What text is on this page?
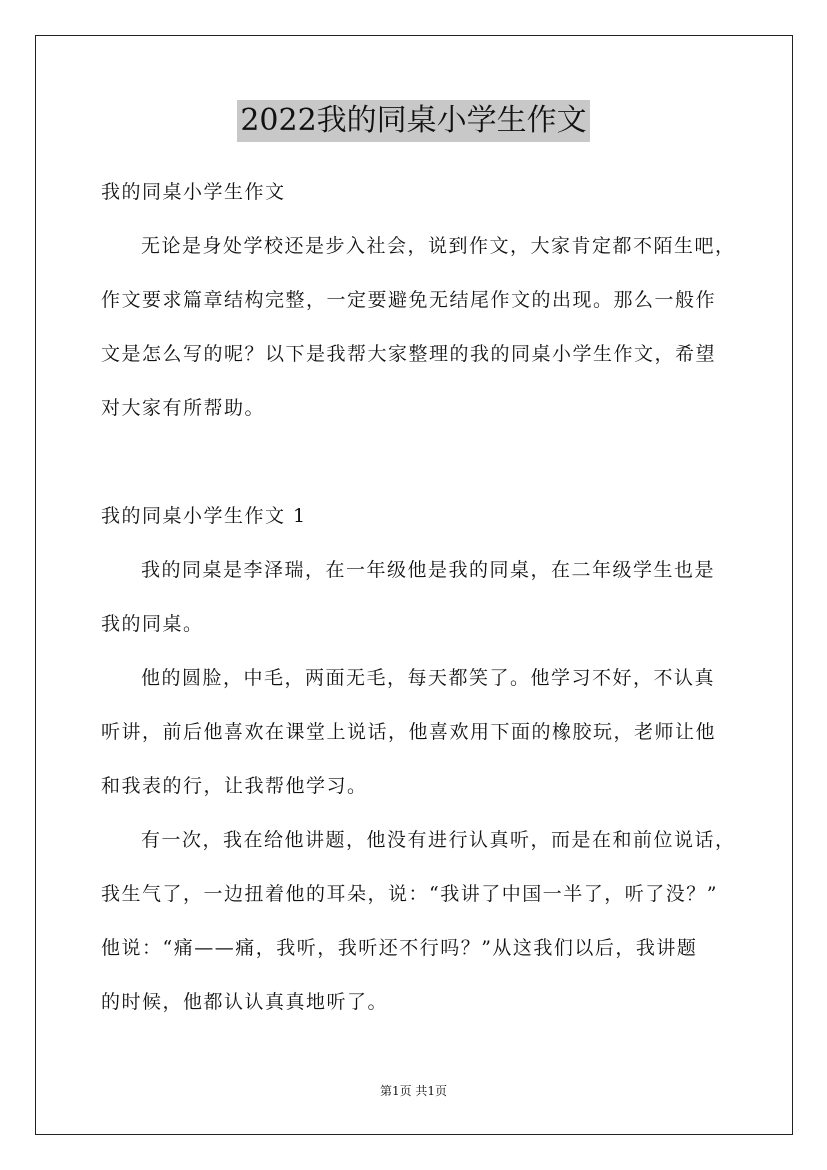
2022我的同桌小学生作文
我的同桌小学生作文
无论是身处学校还是步入社会，说到作文，大家肯定都不陌生吧，
作文要求篇章结构完整，一定要避免无结尾作文的出现。那么一般作
文是怎么写的呢？以下是我帮大家整理的我的同桌小学生作文，希望
对大家有所帮助。
我的同桌小学生作文 1
我的同桌是李泽瑞，在一年级他是我的同桌，在二年级学生也是
我的同桌。
他的圆脸，中毛，两面无毛，每天都笑了。他学习不好，不认真
听讲，前后他喜欢在课堂上说话，他喜欢用下面的橡胶玩，老师让他
和我表的行，让我帮他学习。
有一次，我在给他讲题，他没有进行认真听，而是在和前位说话，
我生气了，一边扭着他的耳朵，说：“我讲了中国一半了，听了没？”
他说：“痛——痛，我听，我听还不行吗？”从这我们以后，我讲题
的时候，他都认认真真地听了。
第1页 共1页
